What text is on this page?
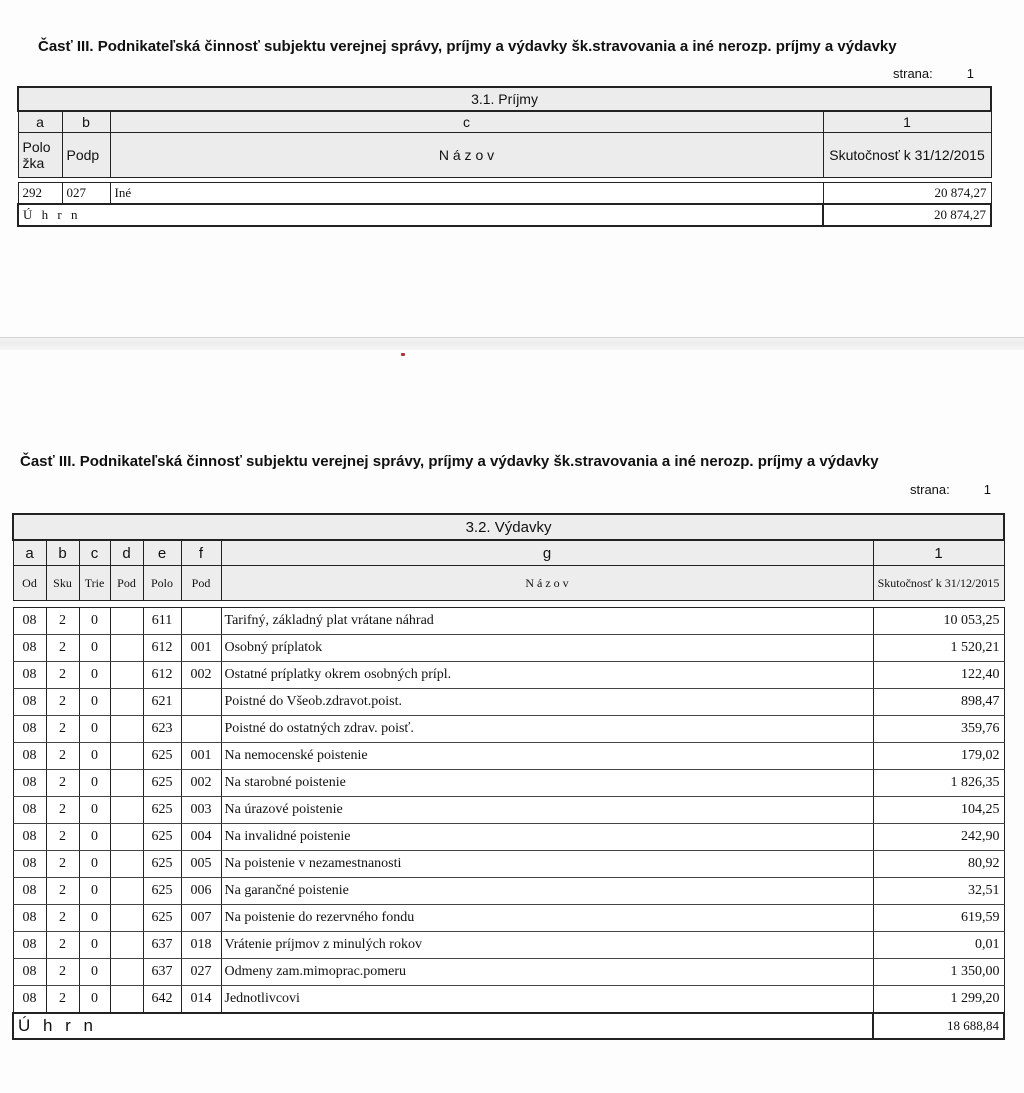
Časť III. Podnikateľská činnosť subjektu verejnej správy, príjmy a výdavky šk.stravovania a iné nerozp. príjmy a výdavky
strana:	1
3.1. Príjmy			
a	b	c	1
Polo žka	Podp	N á z o v	Skutočnosť k 31/12/2015

292	027	Iné	20 874,27
Ú h r n			20 874,27
Časť III. Podnikateľská činnosť subjektu verejnej správy, príjmy a výdavky šk.stravovania a iné nerozp. príjmy a výdavky
strana:	1
3.2. Výdavky							
a	b	c	d	e	f	g	1
Od	Sku	Trie	Pod	Polo	Pod	N á z o v	Skutočnosť k 31/12/2015

08	2	0		611		Tarifný, základný plat vrátane náhrad	10 053,25
08	2	0		612	001	Osobný príplatok	1 520,21
08	2	0		612	002	Ostatné príplatky okrem osobných prípl.	122,40
08	2	0		621		Poistné do Všeob.zdravot.poist.	898,47
08	2	0		623		Poistné do ostatných zdrav. poisť.	359,76
08	2	0		625	001	Na nemocenské poistenie	179,02
08	2	0		625	002	Na starobné poistenie	1 826,35
08	2	0		625	003	Na úrazové poistenie	104,25
08	2	0		625	004	Na invalidné poistenie	242,90
08	2	0		625	005	Na poistenie v nezamestnanosti	80,92
08	2	0		625	006	Na garančné poistenie	32,51
08	2	0		625	007	Na poistenie do rezervného fondu	619,59
08	2	0		637	018	Vrátenie príjmov z minulých rokov	0,01
08	2	0		637	027	Odmeny zam.mimoprac.pomeru	1 350,00
08	2	0		642	014	Jednotlivcovi	1 299,20
Ú h r n							18 688,84
